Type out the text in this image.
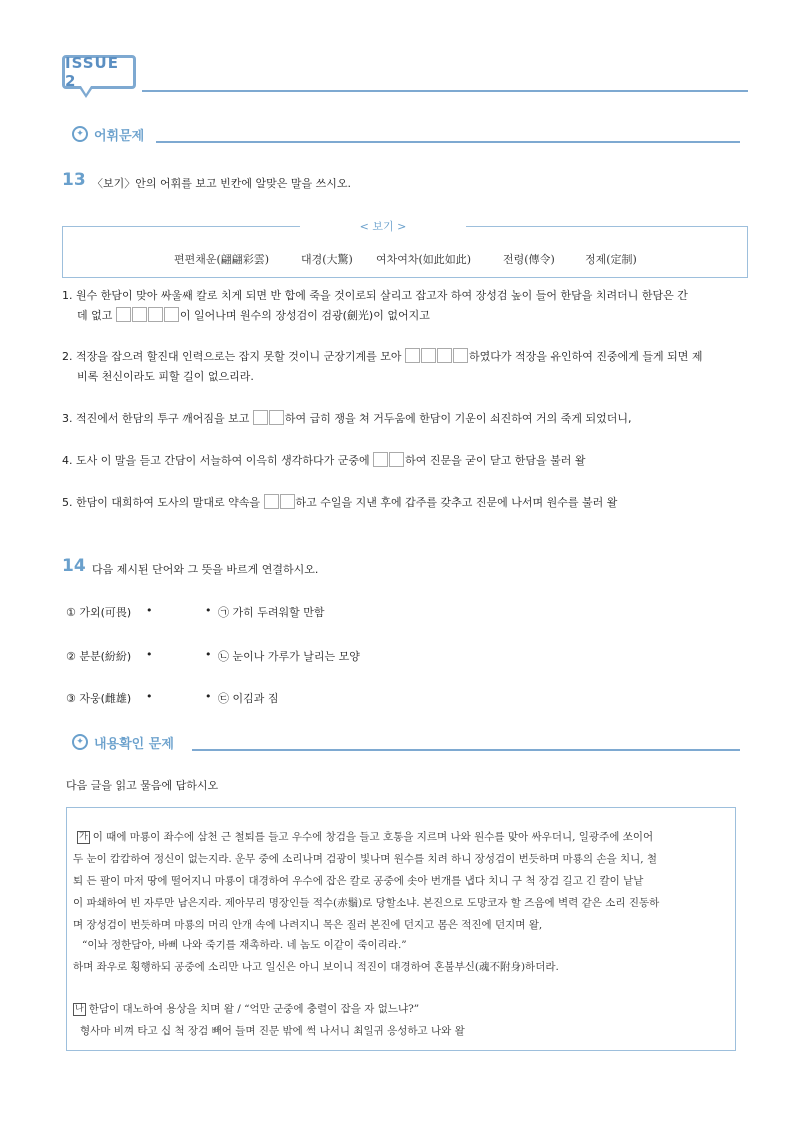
ISSUE 2
✦ 어휘문제
13 〈보기〉안의 어휘를 보고 빈칸에 알맞은 말을 쓰시오.
< 보기 >
편편채운(翩翩彩雲)	대경(大驚) 여차여차(如此如此)	전령(傳令)	정제(定制)
1. 원수 한담이 맞아 싸울쌔 칼로 치게 되면 반 합에 죽을 것이로되 살리고 잡고자 하여 장성검 높이 들어 한담을 치려더니 한담은 간
데 없고	이 일어나며 원수의 장성검이 검광(劍光)이 없어지고
2. 적장을 잡으려 할진대 인력으로는 잡지 못할 것이니 군장기계를 모아	하였다가 적장을 유인하여 진중에게 들게 되면 제
비록 천신이라도 피할 길이 없으리라.
3. 적진에서 한담의 투구 깨어짐을 보고	하여 급히 쟁을 쳐 거두움에 한담이 기운이 쇠진하여 거의 죽게 되었더니,
4. 도사 이 말을 듣고 간담이 서늘하여 이윽히 생각하다가 군중에	하여 진문을 굳이 닫고 한담을 불러 왈
5. 한담이 대희하여 도사의 말대로 약속을	하고 수일을 지낸 후에 갑주를 갖추고 진문에 나서며 원수를 불러 왈
14 다음 제시된 단어와 그 뜻을 바르게 연결하시오.
① 가외(可畏) •	• ㉠ 가히 두려워할 만함
② 분분(紛紛) •	• ㉡ 눈이나 가루가 날리는 모양
③ 자웅(雌雄) •	• ㉢ 이김과 짐
✦ 내용확인 문제
다음 글을 읽고 물음에 답하시오
가 이 때에 마룡이 좌수에 삼천 근 철퇴를 들고 우수에 창검을 들고 호통을 지르며 나와 원수를 맞아 싸우더니, 일광주에 쏘이어
두 눈이 캄캄하여 정신이 없는지라. 운무 중에 소리나며 검광이 빛나며 원수를 치려 하니 장성검이 번듯하며 마룡의 손을 치니, 철
퇴 든 팔이 마저 땅에 떨어지니 마룡이 대경하여 우수에 잡은 칼로 공중에 솟아 번개를 냅다 치니 구 척 장검 길고 긴 칼이 낱낱
이 파쇄하여 빈 자루만 남은지라. 제아무리 명장인들 적수(赤鬚)로 당할소냐. 본진으로 도망코자 할 즈음에 벽력 같은 소리 진동하
며 장성검이 번듯하며 마룡의 머리 안개 속에 나려지니 목은 질러 본진에 던지고 몸은 적진에 던지며 왈,
“이놔 정한담아, 바삐 나와 죽기를 재촉하라. 네 놈도 이같이 죽이리라.”
하며 좌우로 횡행하되 공중에 소리만 나고 일신은 아니 보이니 적진이 대경하여 혼불부신(魂不附身)하더라.
나 한담이 대노하여 용상을 치며 왈 / “억만 군중에 충렬이 잡을 자 없느냐?”
형사마 비껴 타고 십 척 장검 빼어 들며 진문 밖에 썩 나서니 최일귀 응성하고 나와 왈
